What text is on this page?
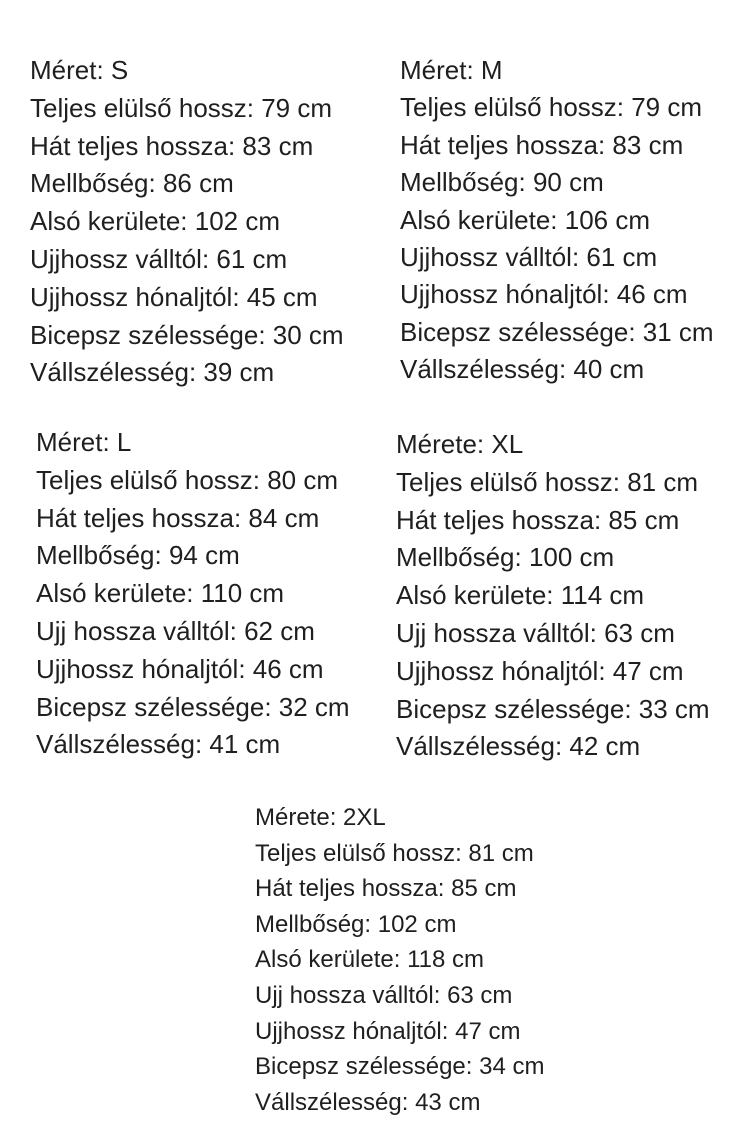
Méret: S
Teljes elülső hossz: 79 cm
Hát teljes hossza: 83 cm
Mellbőség: 86 cm
Alsó kerülete: 102 cm
Ujjhossz válltól: 61 cm
Ujjhossz hónaljtól: 45 cm
Bicepsz szélessége: 30 cm
Vállszélesség: 39 cm
Méret: M
Teljes elülső hossz: 79 cm
Hát teljes hossza: 83 cm
Mellbőség: 90 cm
Alsó kerülete: 106 cm
Ujjhossz válltól: 61 cm
Ujjhossz hónaljtól: 46 cm
Bicepsz szélessége: 31 cm
Vállszélesség: 40 cm
Méret: L
Teljes elülső hossz: 80 cm
Hát teljes hossza: 84 cm
Mellbőség: 94 cm
Alsó kerülete: 110 cm
Ujj hossza válltól: 62 cm
Ujjhossz hónaljtól: 46 cm
Bicepsz szélessége: 32 cm
Vállszélesség: 41 cm
Mérete: XL
Teljes elülső hossz: 81 cm
Hát teljes hossza: 85 cm
Mellbőség: 100 cm
Alsó kerülete: 114 cm
Ujj hossza válltól: 63 cm
Ujjhossz hónaljtól: 47 cm
Bicepsz szélessége: 33 cm
Vállszélesség: 42 cm
Mérete: 2XL
Teljes elülső hossz: 81 cm
Hát teljes hossza: 85 cm
Mellbőség: 102 cm
Alsó kerülete: 118 cm
Ujj hossza válltól: 63 cm
Ujjhossz hónaljtól: 47 cm
Bicepsz szélessége: 34 cm
Vállszélesség: 43 cm
